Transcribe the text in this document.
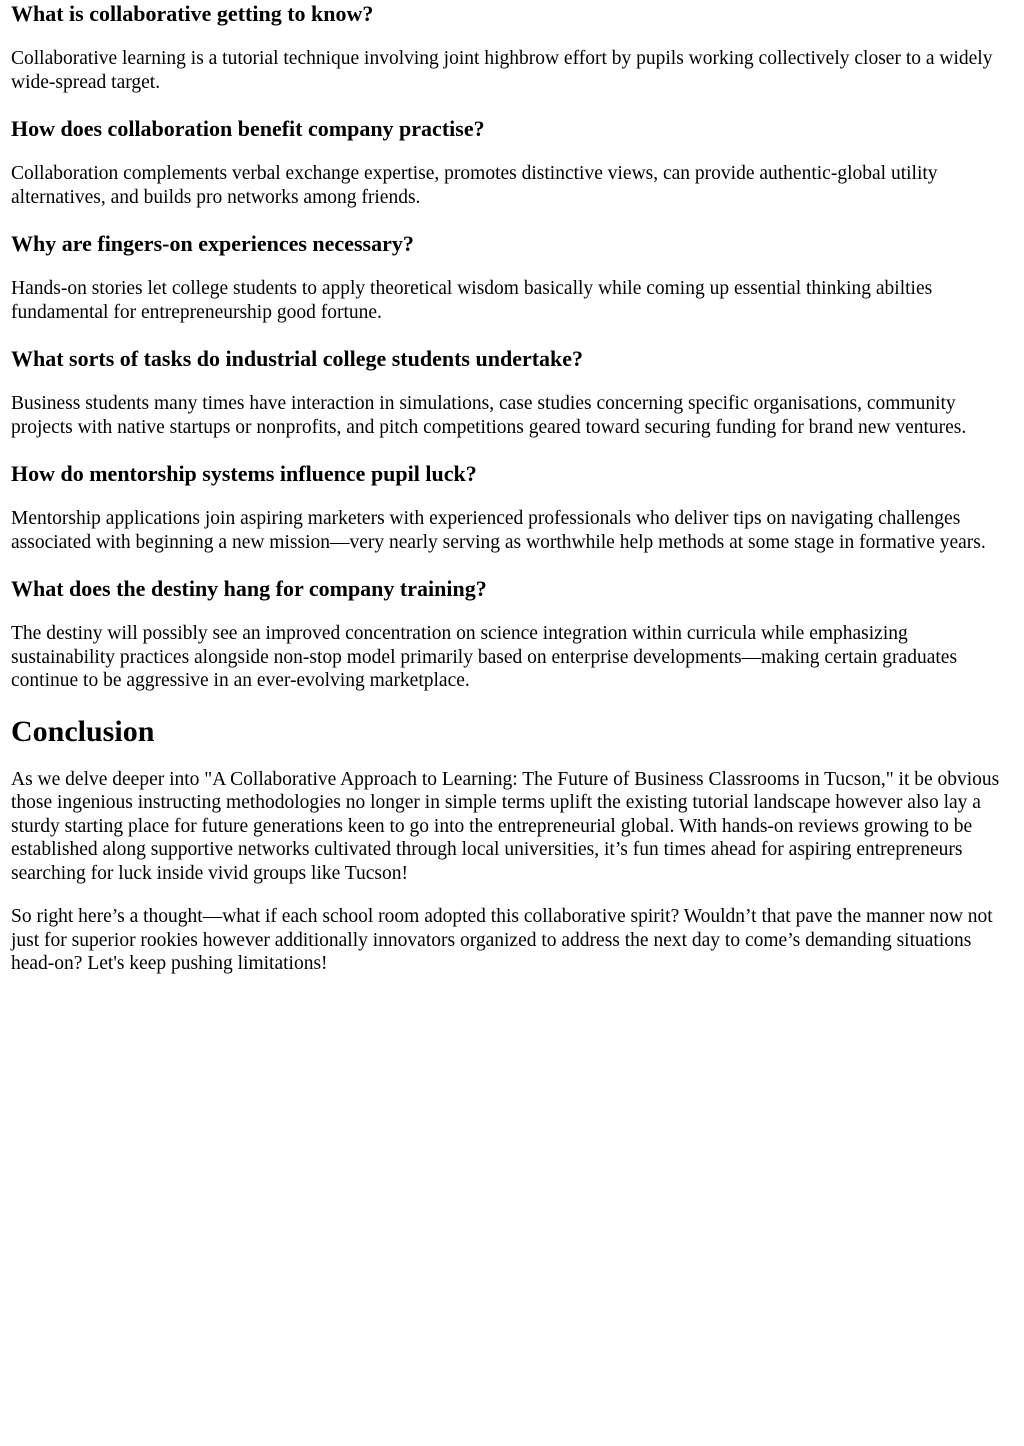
What is collaborative getting to know?

Collaborative learning is a tutorial technique involving joint highbrow effort by pupils working collectively closer to a widely wide-spread target.

How does collaboration benefit company practise?

Collaboration complements verbal exchange expertise, promotes distinctive views, can provide authentic-global utility alternatives, and builds pro networks among friends.

Why are fingers-on experiences necessary?

Hands-on stories let college students to apply theoretical wisdom basically while coming up essential thinking abilties fundamental for entrepreneurship good fortune.

What sorts of tasks do industrial college students undertake?

Business students many times have interaction in simulations, case studies concerning specific organisations, community projects with native startups or nonprofits, and pitch competitions geared toward securing funding for brand new ventures.

How do mentorship systems influence pupil luck?

Mentorship applications join aspiring marketers with experienced professionals who deliver tips on navigating challenges associated with beginning a new mission—very nearly serving as worthwhile help methods at some stage in formative years.

What does the destiny hang for company training?

The destiny will possibly see an improved concentration on science integration within curricula while emphasizing sustainability practices alongside non-stop model primarily based on enterprise developments—making certain graduates continue to be aggressive in an ever-evolving marketplace.

Conclusion

As we delve deeper into "A Collaborative Approach to Learning: The Future of Business Classrooms in Tucson," it be obvious those ingenious instructing methodologies no longer in simple terms uplift the existing tutorial landscape however also lay a sturdy starting place for future generations keen to go into the entrepreneurial global. With hands-on reviews growing to be established along supportive networks cultivated through local universities, it’s fun times ahead for aspiring entrepreneurs searching for luck inside vivid groups like Tucson!

So right here’s a thought—what if each school room adopted this collaborative spirit? Wouldn’t that pave the manner now not just for superior rookies however additionally innovators organized to address the next day to come’s demanding situations head-on? Let's keep pushing limitations!
